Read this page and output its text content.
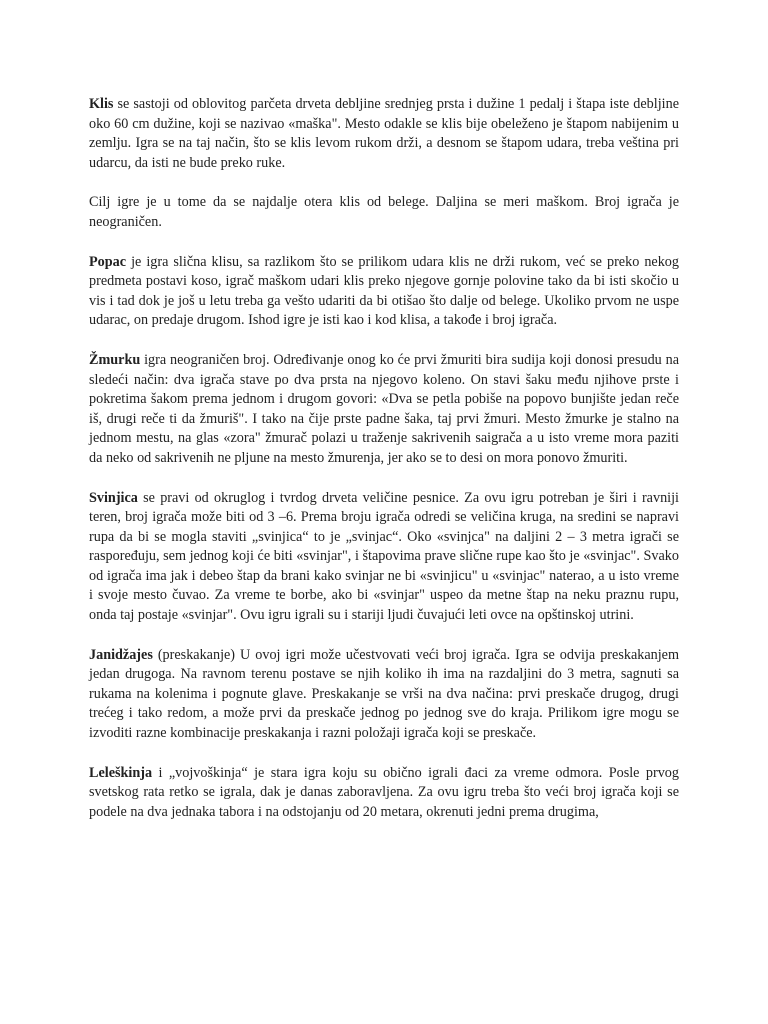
Klis se sastoji od oblovitog parčeta drveta debljine srednjeg prsta i dužine 1 pedalj i štapa iste debljine oko 60 cm dužine, koji se nazivao «maška". Mesto odakle se klis bije obeleženo je štapom nabijenim u zemlju. Igra se na taj način, što se klis levom rukom drži, a desnom se štapom udara, treba veština pri udarcu, da isti ne bude preko ruke.

Cilj igre je u tome da se najdalje otera klis od belege. Daljina se meri maškom. Broj igrača je neograničen.

Popac je igra slična klisu, sa razlikom što se prilikom udara klis ne drži rukom, već se preko nekog predmeta postavi koso, igrač maškom udari klis preko njegove gornje polovine tako da bi isti skočio u vis i tad dok je još u letu treba ga vešto udariti da bi otišao što dalje od belege. Ukoliko prvom ne uspe udarac, on predaje drugom. Ishod igre je isti kao i kod klisa, a takođe i broj igrača.

Žmurku igra neograničen broj. Određivanje onog ko će prvi žmuriti bira sudija koji donosi presudu na sledeći način: dva igrača stave po dva prsta na njegovo koleno. On stavi šaku među njihove prste i pokretima šakom prema jednom i drugom govori: «Dva se petla pobiše na popovo bunjište jedan reče iš, drugi reče ti da žmuriš". I tako na čije prste padne šaka, taj prvi žmuri. Mesto žmurke je stalno na jednom mestu, na glas «zora" žmurač polazi u traženje sakrivenih saigrača a u isto vreme mora paziti da neko od sakrivenih ne pljune na mesto žmurenja, jer ako se to desi on mora ponovo žmuriti.

Svinjica se pravi od okruglog i tvrdog drveta veličine pesnice. Za ovu igru potreban je širi i ravniji teren, broj igrača može biti od 3 –6. Prema broju igrača odredi se veličina kruga, na sredini se napravi rupa da bi se mogla staviti „svinjica“ to je „svinjac“. Oko «svinjca" na daljini 2 – 3 metra igrači se raspoređuju, sem jednog koji će biti «svinjar", i štapovima prave slične rupe kao što je «svinjac". Svako od igrača ima jak i debeo štap da brani kako svinjar ne bi «svinjicu" u «svinjac" naterao, a u isto vreme i svoje mesto čuvao. Za vreme te borbe, ako bi «svinjar" uspeo da metne štap na neku praznu rupu, onda taj postaje «svinjar". Ovu igru igrali su i stariji ljudi čuvajući leti ovce na opštinskoj utrini.

Janidžajes (preskakanje) U ovoj igri može učestvovati veći broj igrača. Igra se odvija preskakanjem jedan drugoga. Na ravnom terenu postave se njih koliko ih ima na razdaljini do 3 metra, sagnuti sa rukama na kolenima i pognute glave. Preskakanje se vrši na dva načina: prvi preskače drugog, drugi trećeg i tako redom, a može prvi da preskače jednog po jednog sve do kraja. Prilikom igre mogu se izvoditi razne kombinacije preskakanja i razni položaji igrača koji se preskače.

Leleškinja i „vojvoškinja“ je stara igra koju su obično igrali đaci za vreme odmora. Posle prvog svetskog rata retko se igrala, dak je danas zaboravljena. Za ovu igru treba što veći broj igrača koji se podele na dva jednaka tabora i na odstojanju od 20 metara, okrenuti jedni prema drugima,
